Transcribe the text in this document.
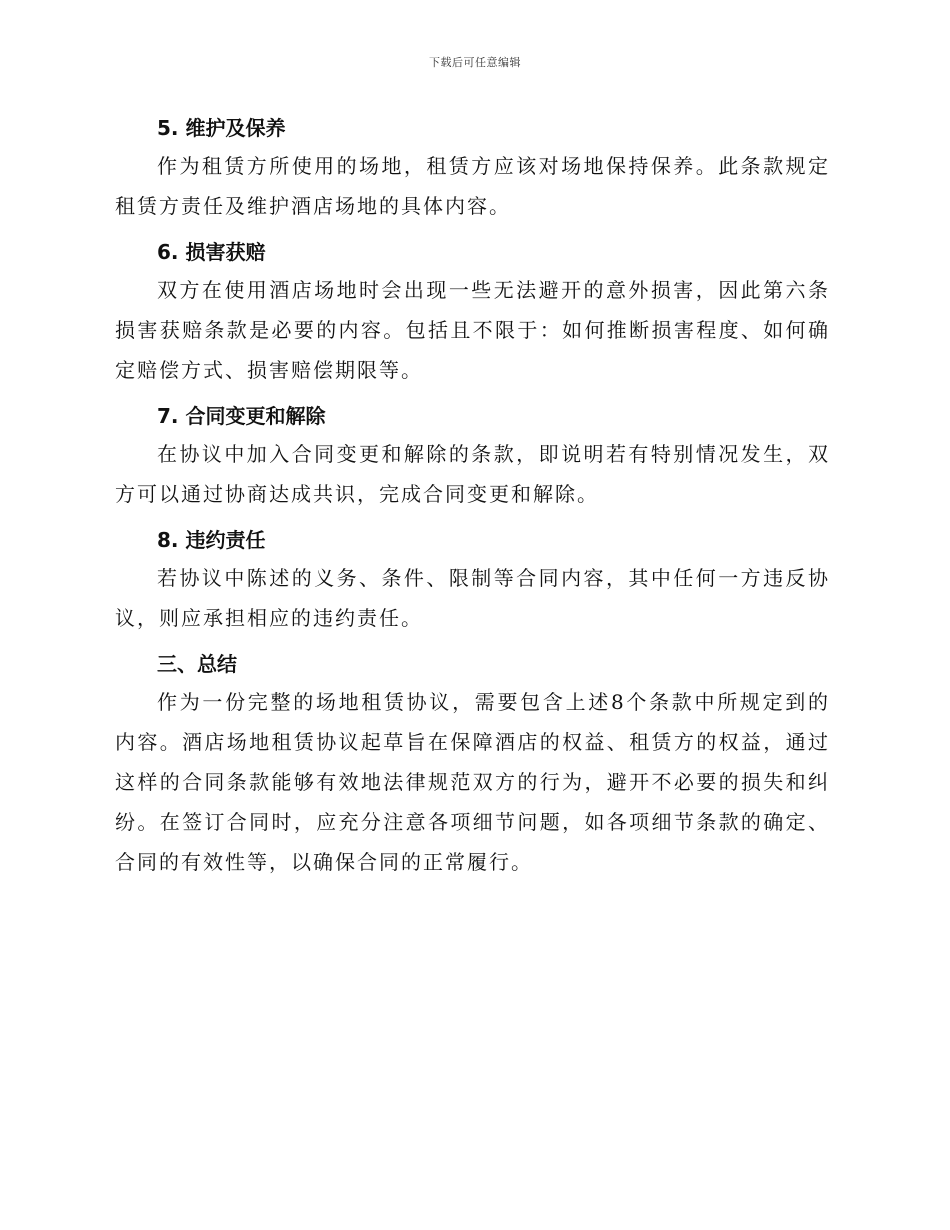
下载后可任意编辑
5. 维护及保养

作为租赁方所使用的场地，租赁方应该对场地保持保养。此条款规定租赁方责任及维护酒店场地的具体内容。

6. 损害获赔

双方在使用酒店场地时会出现一些无法避开的意外损害，因此第六条损害获赔条款是必要的内容。包括且不限于：如何推断损害程度、如何确定赔偿方式、损害赔偿期限等。

7. 合同变更和解除

在协议中加入合同变更和解除的条款，即说明若有特别情况发生，双方可以通过协商达成共识，完成合同变更和解除。

8. 违约责任

若协议中陈述的义务、条件、限制等合同内容，其中任何一方违反协议，则应承担相应的违约责任。

三、总结

作为一份完整的场地租赁协议，需要包含上述8个条款中所规定到的内容。酒店场地租赁协议起草旨在保障酒店的权益、租赁方的权益，通过这样的合同条款能够有效地法律规范双方的行为，避开不必要的损失和纠纷。在签订合同时，应充分注意各项细节问题，如各项细节条款的确定、合同的有效性等，以确保合同的正常履行。
